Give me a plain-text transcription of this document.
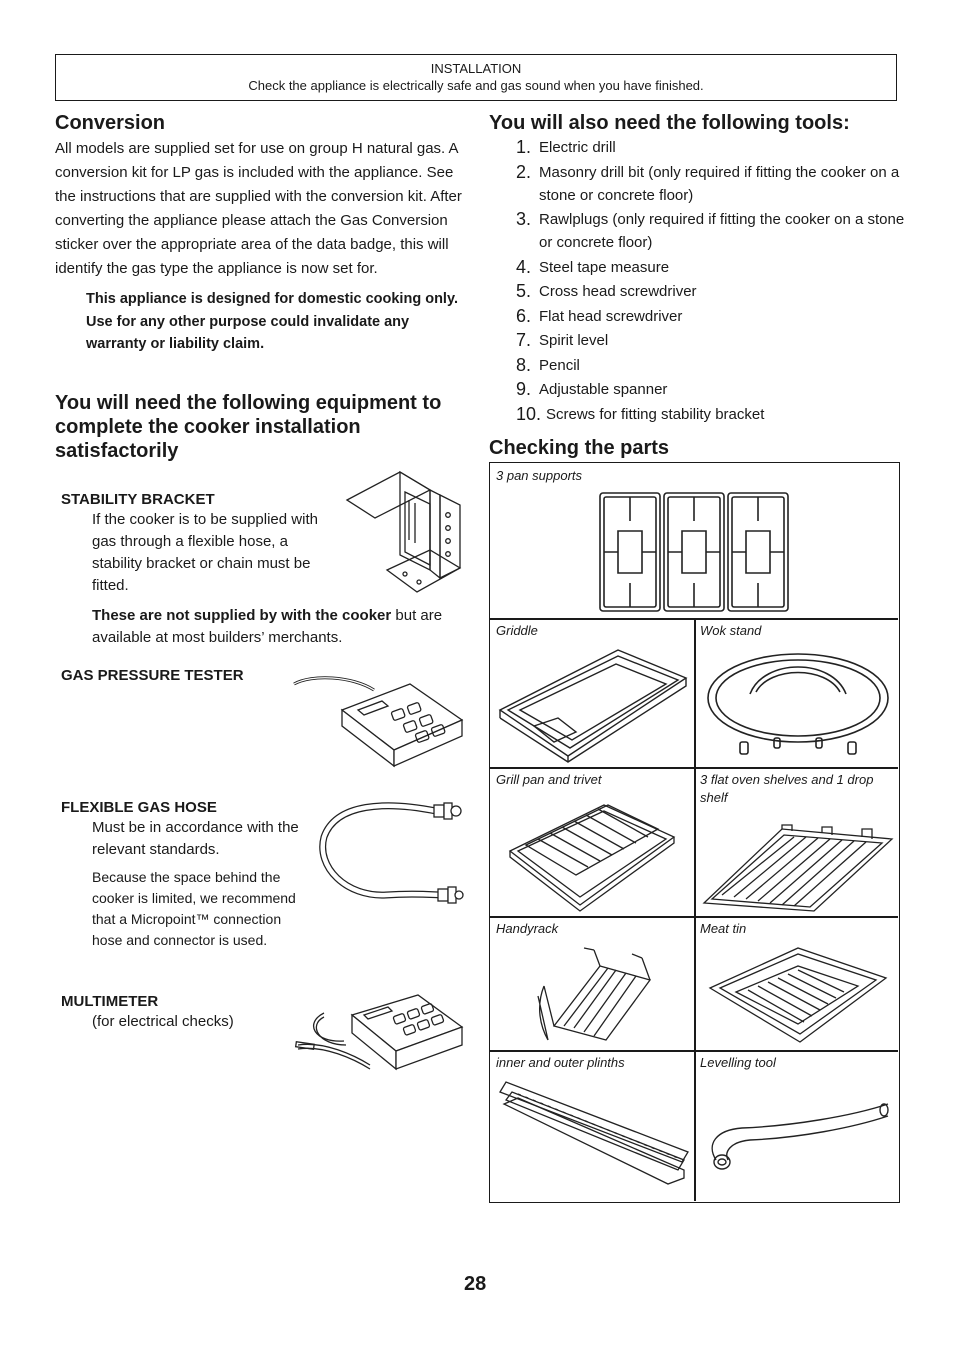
INSTALLATION
Check the appliance is electrically safe and gas sound when you have finished.
Conversion
All models are supplied set for use on group H natural gas. A conversion kit for LP gas is included with the appliance. See the instructions that are supplied with the conversion kit. After converting the appliance please attach the Gas Conversion sticker over the appropriate area of the data badge, this will identify the gas type the appliance is now set for.
This appliance is designed for domestic cooking only. Use for any other purpose could invalidate any warranty or liability claim.
You will need the following equipment to complete the cooker installation satisfactorily
STABILITY BRACKET
If the cooker is to be supplied with gas through a flexible hose, a stability bracket or chain must be fitted.
These are not supplied by with the cooker but are available at most builders’ merchants.
GAS PRESSURE TESTER
FLEXIBLE GAS HOSE
Must be in accordance with the relevant standards.
Because the space behind the cooker is limited, we recommend that a Micropoint™ connection hose and connector is used.
MULTIMETER
(for electrical checks)
You will also need the following tools:
1. Electric drill
2. Masonry drill bit (only required if fitting the cooker on a stone or concrete floor)
3. Rawlplugs (only required if fitting the cooker on a stone or concrete floor)
4. Steel tape measure
5. Cross head screwdriver
6. Flat head screwdriver
7. Spirit level
8. Pencil
9. Adjustable spanner
10. Screws for fitting stability bracket
Checking the parts
3 pan supports
Griddle	Wok stand
Grill pan and trivet	3 flat oven shelves and 1 drop shelf
Handyrack	Meat tin
inner and outer plinths	Levelling tool
28
